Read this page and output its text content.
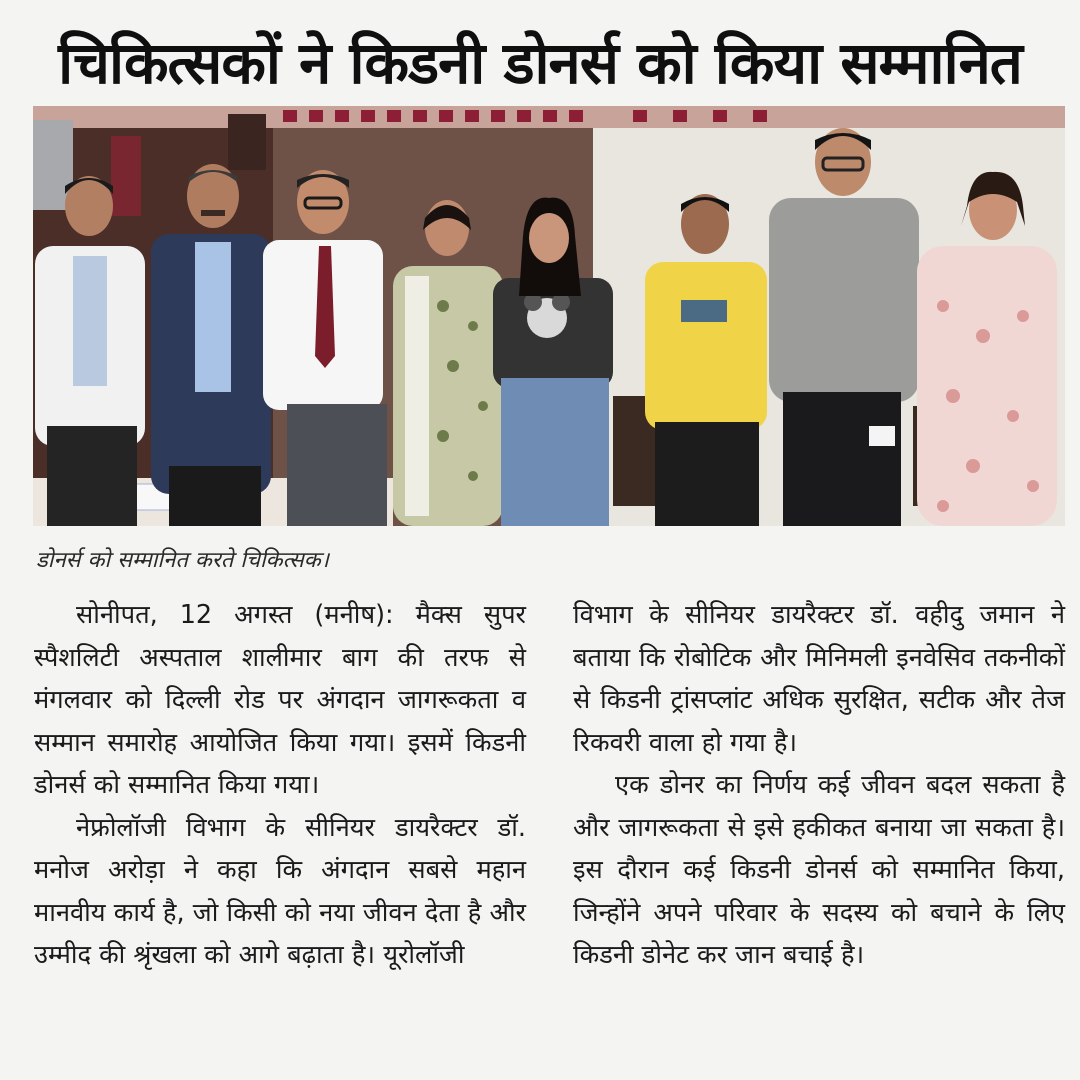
चिकित्सकों ने किडनी डोनर्स को किया सम्मानित
डोनर्स को सम्मानित करते चिकित्सक।

सोनीपत, 12 अगस्त (मनीष): मैक्स सुपर स्पैशलिटी अस्पताल शालीमार बाग की तरफ से मंगलवार को दिल्ली रोड पर अंगदान जागरूकता व सम्मान समारोह आयोजित किया गया। इसमें किडनी डोनर्स को सम्मानित किया गया।

नेफ्रोलॉजी विभाग के सीनियर डायरैक्टर डॉ. मनोज अरोड़ा ने कहा कि अंगदान सबसे महान मानवीय कार्य है, जो किसी को नया जीवन देता है और उम्मीद की श्रृंखला को आगे बढ़ाता है। यूरोलॉजी

विभाग के सीनियर डायरैक्टर डॉ. वहीदु जमान ने बताया कि रोबोटिक और मिनिमली इनवेसिव तकनीकों से किडनी ट्रांसप्लांट अधिक सुरक्षित, सटीक और तेज रिकवरी वाला हो गया है।

एक डोनर का निर्णय कई जीवन बदल सकता है और जागरूकता से इसे हकीकत बनाया जा सकता है। इस दौरान कई किडनी डोनर्स को सम्मानित किया, जिन्होंने अपने परिवार के सदस्य को बचाने के लिए किडनी डोनेट कर जान बचाई है।
